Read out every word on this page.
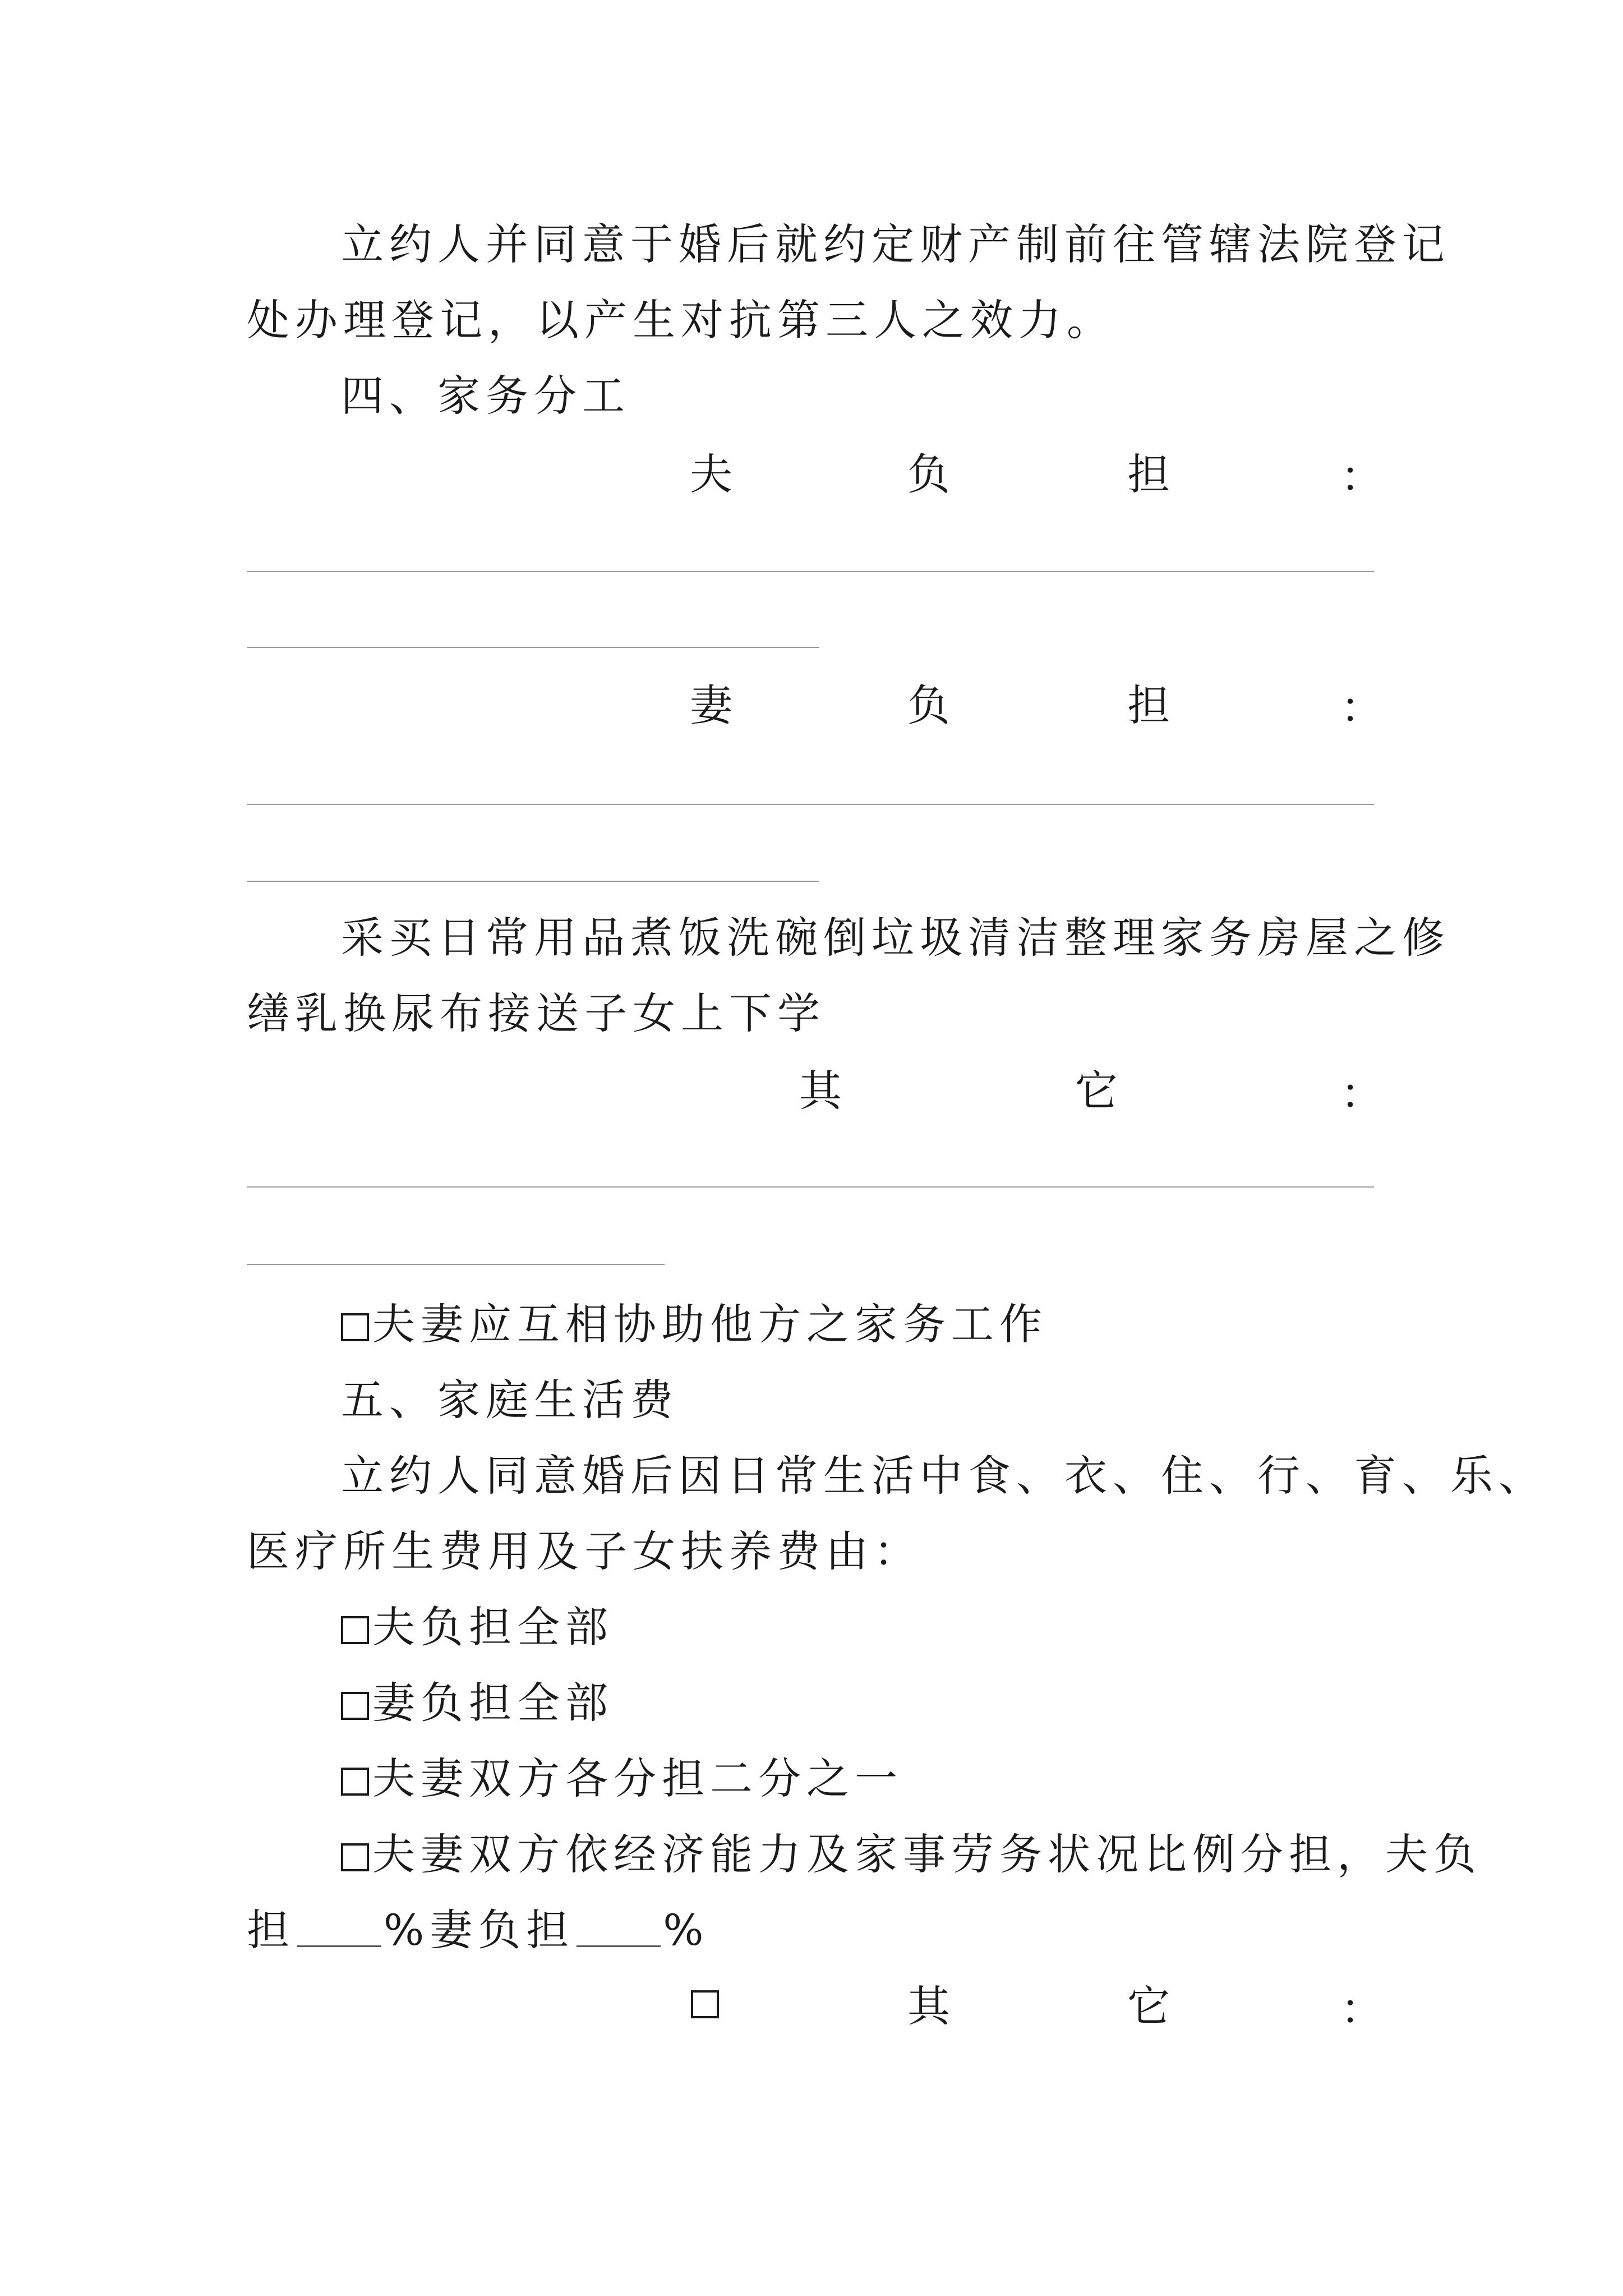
立约人并同意于婚后就约定财产制前往管辖法院登记
处办理登记，以产生对抗第三人之效力。
四、家务分工
夫	负	担	：
妻	负	担	：
采买日常用品煮饭洗碗倒垃圾清洁整理家务房屋之修
缮乳换尿布接送子女上下学
其	它	：
夫妻应互相协助他方之家务工作
五、家庭生活费
立约人同意婚后因日常生活中食、衣、住、行、育、乐、
医疗所生费用及子女扶养费由：
夫负担全部
妻负担全部
夫妻双方各分担二分之一
夫妻双方依经济能力及家事劳务状况比例分担，夫负
担 %妻负担 %
其	它	：
